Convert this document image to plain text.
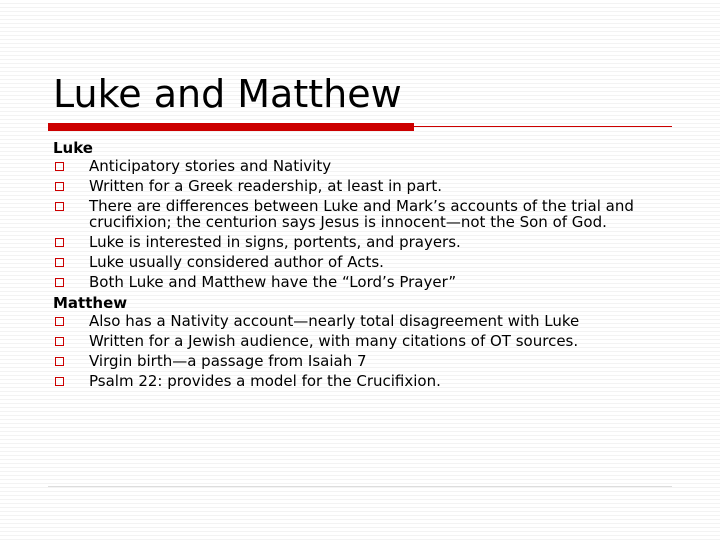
Luke and Matthew
Luke
Anticipatory stories and Nativity
Written for a Greek readership, at least in part.
There are differences between Luke and Mark’s accounts of the trial and crucifixion; the centurion says Jesus is innocent—not the Son of God.
Luke is interested in signs, portents, and prayers.
Luke usually considered author of Acts.
Both Luke and Matthew have the “Lord’s Prayer”
Matthew
Also has a Nativity account—nearly total disagreement with Luke
Written for a Jewish audience, with many citations of OT sources.
Virgin birth—a passage from Isaiah 7
Psalm 22: provides a model for the Crucifixion.
